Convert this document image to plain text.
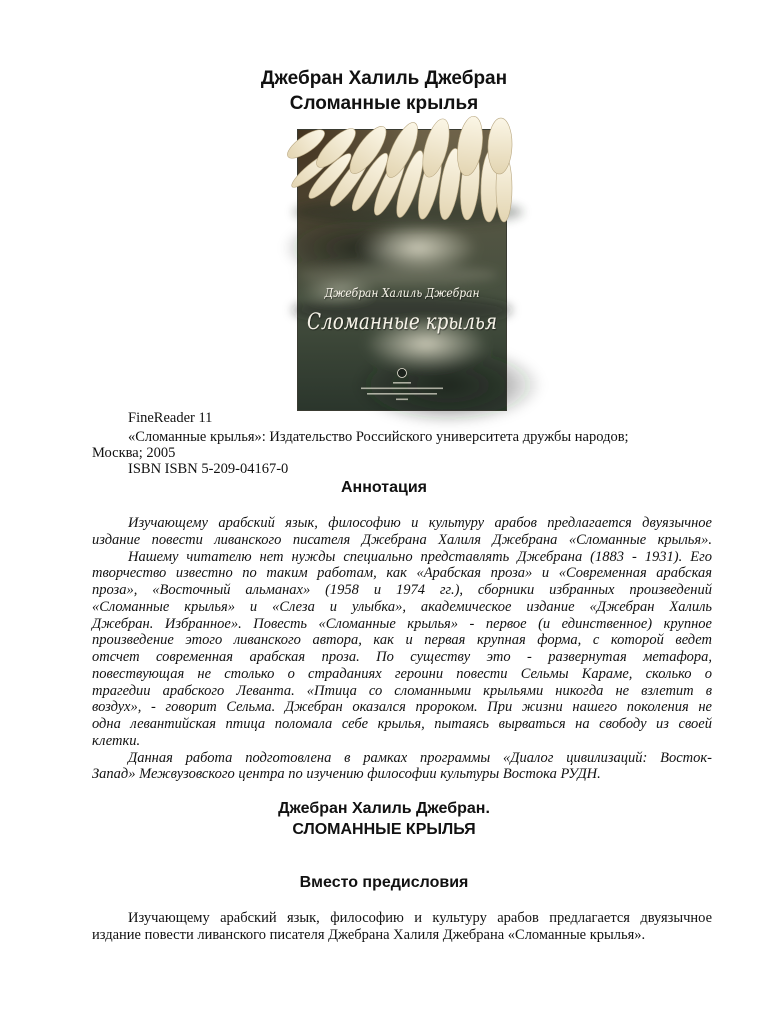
Джебран Халиль Джебран
Сломанные крылья
Джебран Халиль Джебран
Сломанные крылья
FineReader 11
«Сломанные крылья»: Издательство Российского университета дружбы народов;
Москва; 2005
ISBN ISBN 5-209-04167-0
Аннотация
Изучающему арабский язык, философию и культуру арабов предлагается двуязычное
издание повести ливанского писателя Джебрана Халиля Джебрана «Сломанные крылья».
Нашему читателю нет нужды специально представлять Джебрана (1883 - 1931). Его
творчество известно по таким работам, как «Арабская проза» и «Современная арабская
проза», «Восточный альманах» (1958 и 1974 гг.), сборники избранных произведений
«Сломанные крылья» и «Слеза и улыбка», академическое издание «Джебран Халиль
Джебран. Избранное». Повесть «Сломанные крылья» - первое (и единственное) крупное
произведение этого ливанского автора, как и первая крупная форма, с которой ведет
отсчет современная арабская проза. По существу это - развернутая метафора,
повествующая не столько о страданиях героини повести Сельмы Караме, сколько о
трагедии арабского Леванта. «Птица со сломанными крыльями никогда не взлетит в
воздух», - говорит Сельма. Джебран оказался пророком. При жизни нашего поколения не
одна левантийская птица поломала себе крылья, пытаясь вырваться на свободу из своей
клетки.
Данная работа подготовлена в рамках программы «Диалог цивилизаций: Восток-
Запад» Межвузовского центра по изучению философии культуры Востока РУДН.
Джебран Халиль Джебран.
СЛОМАННЫЕ КРЫЛЬЯ
Вместо предисловия
Изучающему арабский язык, философию и культуру арабов предлагается двуязычное
издание повести ливанского писателя Джебрана Халиля Джебрана «Сломанные крылья».
